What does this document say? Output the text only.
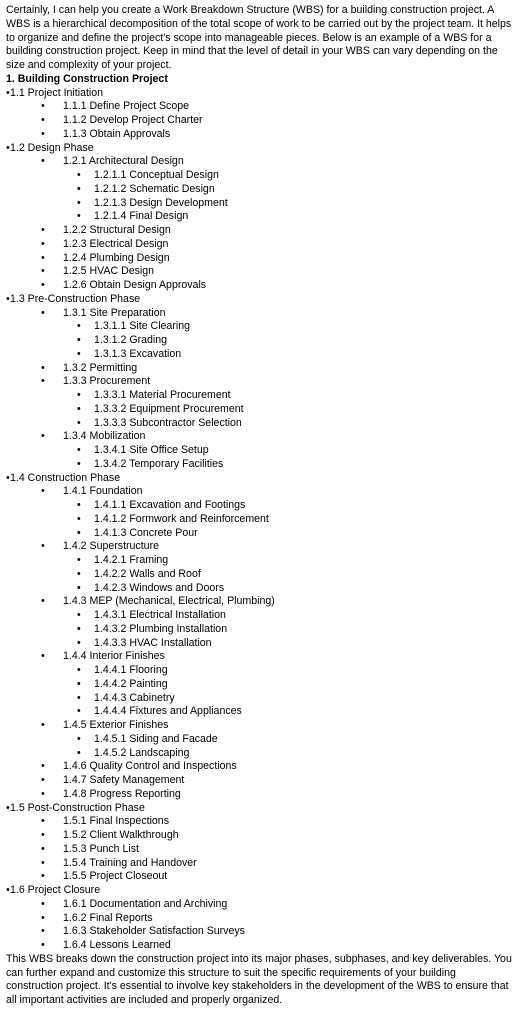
Certainly, I can help you create a Work Breakdown Structure (WBS) for a building construction project. A WBS is a hierarchical decomposition of the total scope of work to be carried out by the project team. It helps to organize and define the project's scope into manageable pieces. Below is an example of a WBS for a building construction project. Keep in mind that the level of detail in your WBS can vary depending on the size and complexity of your project.

1. Building Construction Project

• 1.1 Project Initiation
• 1.1.1 Define Project Scope
• 1.1.2 Develop Project Charter
• 1.1.3 Obtain Approvals
• 1.2 Design Phase
• 1.2.1 Architectural Design
• 1.2.1.1 Conceptual Design
• 1.2.1.2 Schematic Design
• 1.2.1.3 Design Development
• 1.2.1.4 Final Design
• 1.2.2 Structural Design
• 1.2.3 Electrical Design
• 1.2.4 Plumbing Design
• 1.2.5 HVAC Design
• 1.2.6 Obtain Design Approvals
• 1.3 Pre-Construction Phase
• 1.3.1 Site Preparation
• 1.3.1.1 Site Clearing
• 1.3.1.2 Grading
• 1.3.1.3 Excavation
• 1.3.2 Permitting
• 1.3.3 Procurement
• 1.3.3.1 Material Procurement
• 1.3.3.2 Equipment Procurement
• 1.3.3.3 Subcontractor Selection
• 1.3.4 Mobilization
• 1.3.4.1 Site Office Setup
• 1.3.4.2 Temporary Facilities
• 1.4 Construction Phase
• 1.4.1 Foundation
• 1.4.1.1 Excavation and Footings
• 1.4.1.2 Formwork and Reinforcement
• 1.4.1.3 Concrete Pour
• 1.4.2 Superstructure
• 1.4.2.1 Framing
• 1.4.2.2 Walls and Roof
• 1.4.2.3 Windows and Doors
• 1.4.3 MEP (Mechanical, Electrical, Plumbing)
• 1.4.3.1 Electrical Installation
• 1.4.3.2 Plumbing Installation
• 1.4.3.3 HVAC Installation
• 1.4.4 Interior Finishes
• 1.4.4.1 Flooring
• 1.4.4.2 Painting
• 1.4.4.3 Cabinetry
• 1.4.4.4 Fixtures and Appliances
• 1.4.5 Exterior Finishes
• 1.4.5.1 Siding and Facade
• 1.4.5.2 Landscaping
• 1.4.6 Quality Control and Inspections
• 1.4.7 Safety Management
• 1.4.8 Progress Reporting
• 1.5 Post-Construction Phase
• 1.5.1 Final Inspections
• 1.5.2 Client Walkthrough
• 1.5.3 Punch List
• 1.5.4 Training and Handover
• 1.5.5 Project Closeout
• 1.6 Project Closure
• 1.6.1 Documentation and Archiving
• 1.6.2 Final Reports
• 1.6.3 Stakeholder Satisfaction Surveys
• 1.6.4 Lessons Learned

This WBS breaks down the construction project into its major phases, subphases, and key deliverables. You can further expand and customize this structure to suit the specific requirements of your building construction project. It's essential to involve key stakeholders in the development of the WBS to ensure that all important activities are included and properly organized.
